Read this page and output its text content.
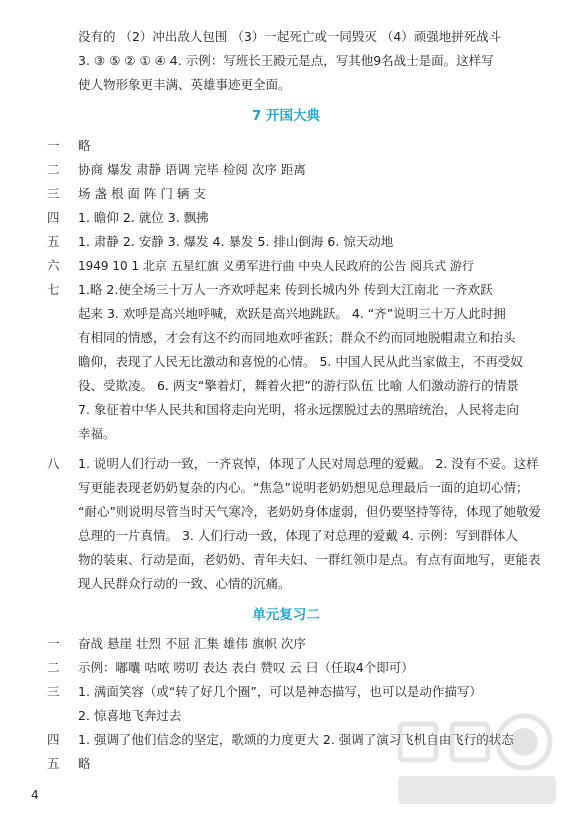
没有的 （2）冲出敌人包围 （3）一起死亡或一同毁灭 （4）顽强地拼死战斗
3. ③ ⑤ ② ① ④ 4. 示例：写班长王殿元是点，写其他9名战士是面。这样写
使人物形象更丰满、英雄事迹更全面。
7 开国大典
一	略
二	协商 爆发 肃静 语调 完毕 检阅 次序 距离
三	场 盏 根 面 阵 门 辆 支
四	1. 瞻仰 2. 就位 3. 飘拂
五	1. 肃静 2. 安静 3. 爆发 4. 暴发 5. 排山倒海 6. 惊天动地
六	1949 10 1 北京 五星红旗 义勇军进行曲 中央人民政府的公告 阅兵式 游行
七	1.略 2.使全场三十万人一齐欢呼起来 传到长城内外 传到大江南北 一齐欢跃
起来 3. 欢呼是高兴地呼喊，欢跃是高兴地跳跃。 4. “齐”说明三十万人此时拥
有相同的情感，才会有这不约而同地欢呼雀跃；群众不约而同地脱帽肃立和抬头
瞻仰，表现了人民无比激动和喜悦的心情。 5. 中国人民从此当家做主，不再受奴
役、受欺凌。 6. 两支“擎着灯，舞着火把”的游行队伍 比喻 人们激动游行的情景
7. 象征着中华人民共和国将走向光明，将永远摆脱过去的黑暗统治，人民将走向
幸福。
八	1. 说明人们行动一致，一齐哀悼，体现了人民对周总理的爱戴。 2. 没有不妥。这样
写更能表现老奶奶复杂的内心。“焦急”说明老奶奶想见总理最后一面的迫切心情；
“耐心”则说明尽管当时天气寒冷，老奶奶身体虚弱，但仍要坚持等待，体现了她敬爱
总理的一片真情。 3. 人们行动一致，体现了对总理的爱戴 4. 示例：写到群体人
物的装束、行动是面，老奶奶、青年夫妇、一群红领巾是点。有点有面地写，更能表
现人民群众行动的一致、心情的沉痛。
单元复习二
一	奋战 悬崖 壮烈 不屈 汇集 雄伟 旗帜 次序
二	示例：嘟囔 咕哝 唠叨 表达 表白 赞叹 云 曰（任取4个即可）
三	1. 满面笑容（或“转了好几个圈”，可以是神态描写，也可以是动作描写）
2. 惊喜地飞奔过去
四	1. 强调了他们信念的坚定，歌颂的力度更大 2. 强调了演习飞机自由飞行的状态
五	略
4
